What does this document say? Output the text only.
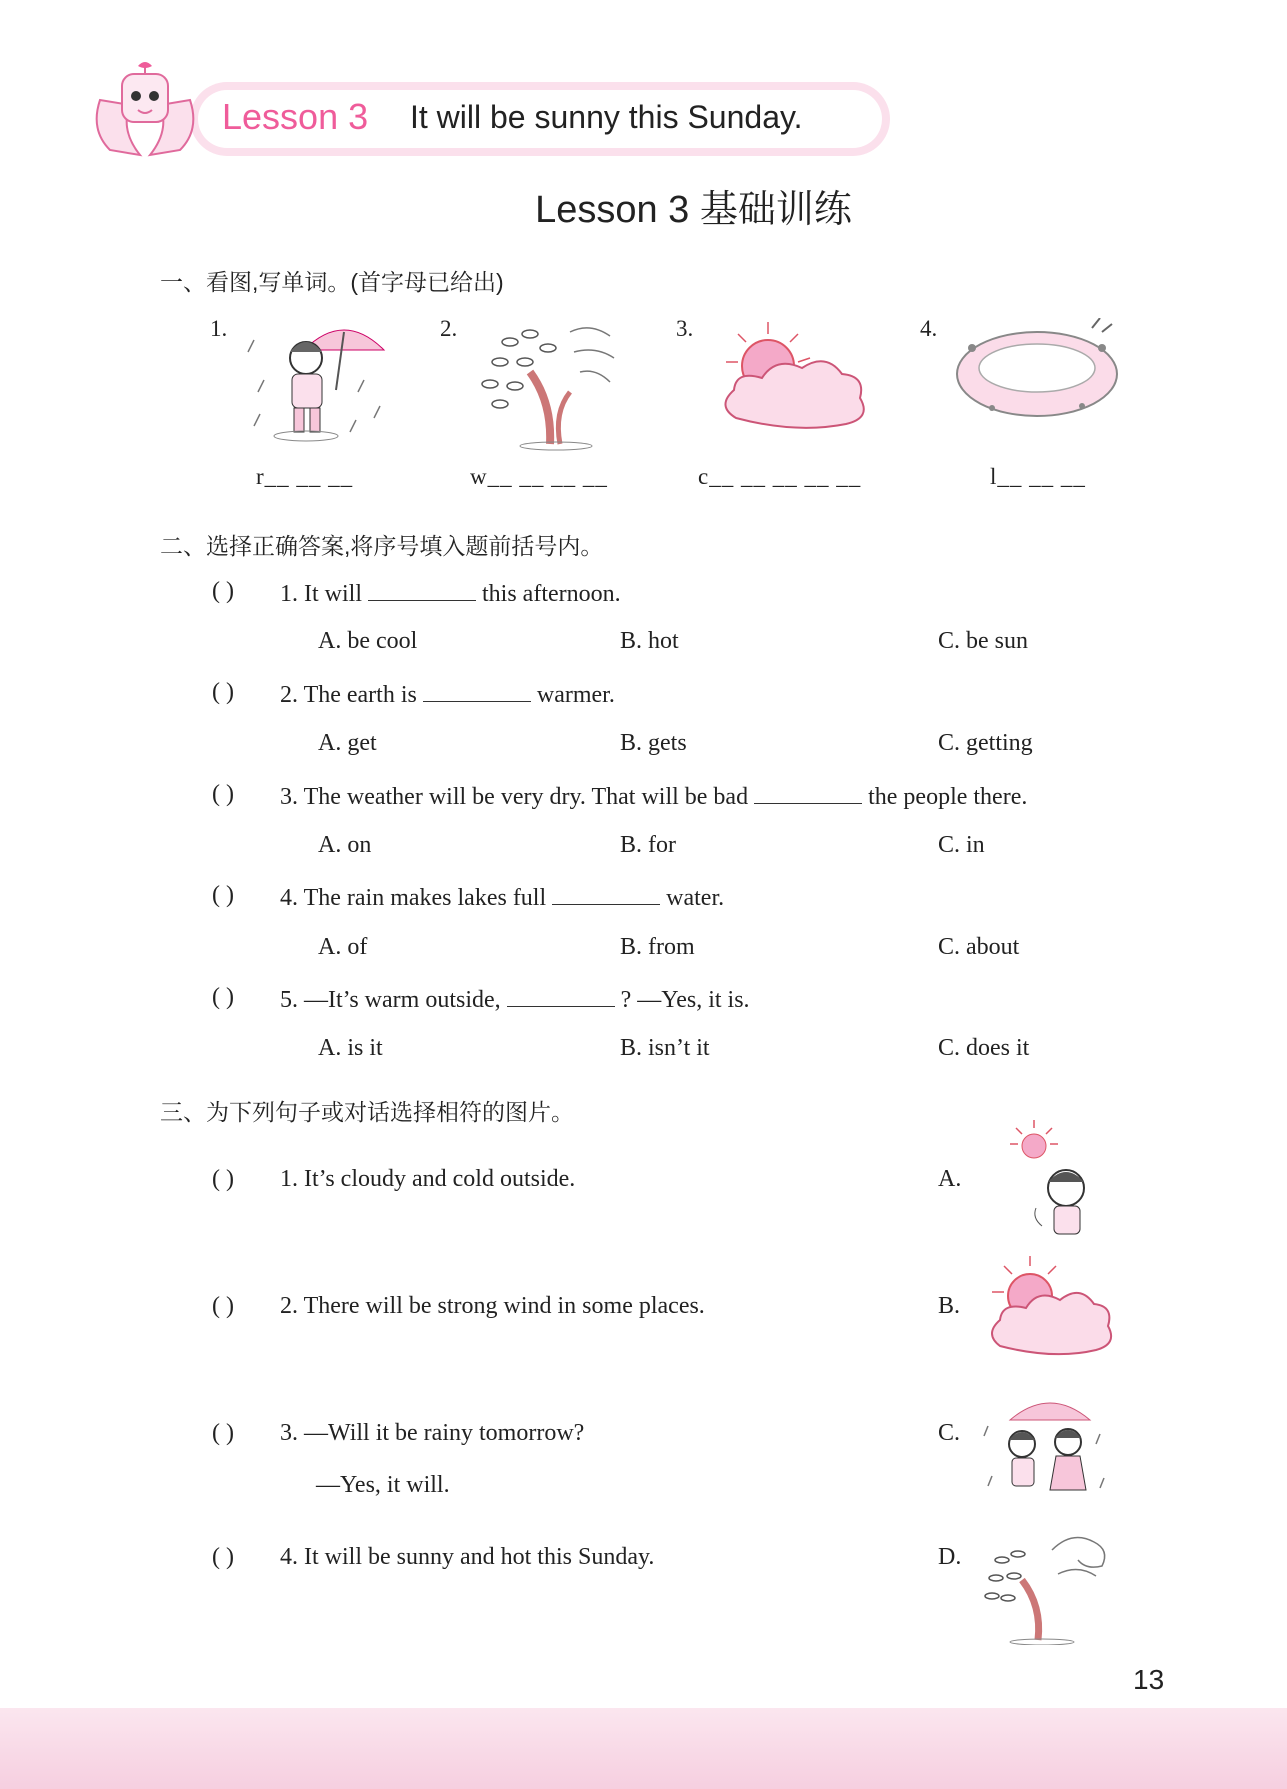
Lesson 3 It will be sunny this Sunday.
Lesson 3 基础训练
一、看图,写单词。(首字母已给出)
1.	2.	3.	4.
r__ __ __	w__ __ __ __	c__ __ __ __ __	l__ __ __
二、选择正确答案,将序号填入题前括号内。
( ) 1. It will	this afternoon.
A. be cool	B. hot	C. be sun
( ) 2. The earth is	warmer.
A. get	B. gets	C. getting
( ) 3. The weather will be very dry. That will be bad	the people there.
A. on	B. for	C. in
( ) 4. The rain makes lakes full	water.
A. of	B. from	C. about
( ) 5. —It’s warm outside,	? —Yes, it is.
A. is it	B. isn’t it	C. does it
三、为下列句子或对话选择相符的图片。
( ) 1. It’s cloudy and cold outside.	A.
( ) 2. There will be strong wind in some places.	B.
( ) 3. —Will it be rainy tomorrow?
—Yes, it will.
C.
( ) 4. It will be sunny and hot this Sunday.	D.
13
